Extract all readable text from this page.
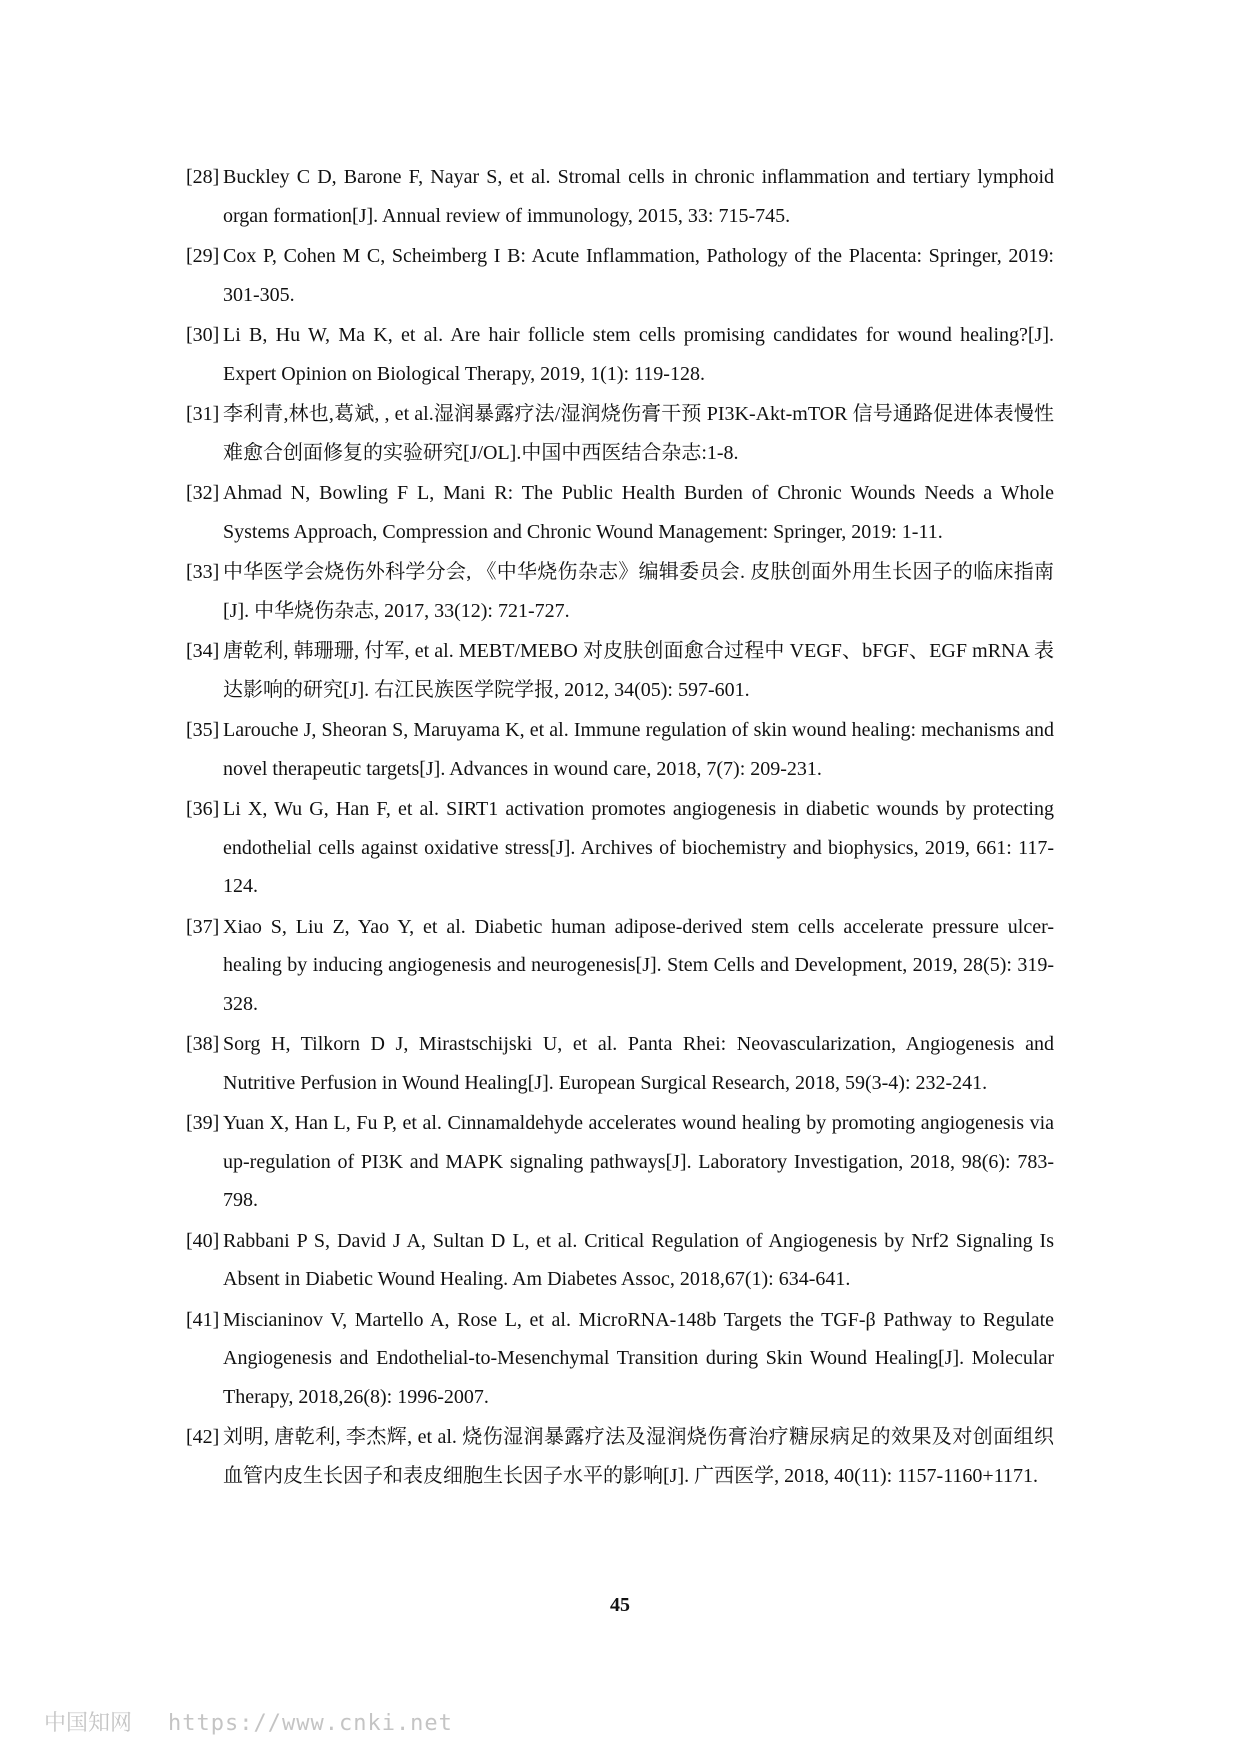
[28] Buckley C D, Barone F, Nayar S, et al. Stromal cells in chronic inflammation and tertiary lymphoid organ formation[J]. Annual review of immunology, 2015, 33: 715-745.
[29] Cox P, Cohen M C, Scheimberg I B: Acute Inflammation, Pathology of the Placenta: Springer, 2019: 301-305.
[30] Li B, Hu W, Ma K, et al. Are hair follicle stem cells promising candidates for wound healing?[J]. Expert Opinion on Biological Therapy, 2019, 1(1): 119-128.
[31] 李利青,林也,葛斌, , et al.湿润暴露疗法/湿润烧伤膏干预 PI3K-Akt-mTOR 信号通路促进体表慢性难愈合创面修复的实验研究[J/OL].中国中西医结合杂志:1-8.
[32] Ahmad N, Bowling F L, Mani R: The Public Health Burden of Chronic Wounds Needs a Whole Systems Approach, Compression and Chronic Wound Management: Springer, 2019: 1-11.
[33] 中华医学会烧伤外科学分会, 《中华烧伤杂志》编辑委员会. 皮肤创面外用生长因子的临床指南[J]. 中华烧伤杂志, 2017, 33(12): 721-727.
[34] 唐乾利, 韩珊珊, 付军, et al. MEBT/MEBO 对皮肤创面愈合过程中 VEGF、bFGF、EGF mRNA 表达影响的研究[J]. 右江民族医学院学报, 2012, 34(05): 597-601.
[35] Larouche J, Sheoran S, Maruyama K, et al. Immune regulation of skin wound healing: mechanisms and novel therapeutic targets[J]. Advances in wound care, 2018, 7(7): 209-231.
[36] Li X, Wu G, Han F, et al. SIRT1 activation promotes angiogenesis in diabetic wounds by protecting endothelial cells against oxidative stress[J]. Archives of biochemistry and biophysics, 2019, 661: 117-124.
[37] Xiao S, Liu Z, Yao Y, et al. Diabetic human adipose-derived stem cells accelerate pressure ulcer-healing by inducing angiogenesis and neurogenesis[J]. Stem Cells and Development, 2019, 28(5): 319-328.
[38] Sorg H, Tilkorn D J, Mirastschijski U, et al. Panta Rhei: Neovascularization, Angiogenesis and Nutritive Perfusion in Wound Healing[J]. European Surgical Research, 2018, 59(3-4): 232-241.
[39] Yuan X, Han L, Fu P, et al. Cinnamaldehyde accelerates wound healing by promoting angiogenesis via up-regulation of PI3K and MAPK signaling pathways[J]. Laboratory Investigation, 2018, 98(6): 783-798.
[40] Rabbani P S, David J A, Sultan D L, et al. Critical Regulation of Angiogenesis by Nrf2 Signaling Is Absent in Diabetic Wound Healing. Am Diabetes Assoc, 2018,67(1): 634-641.
[41] Miscianinov V, Martello A, Rose L, et al. MicroRNA-148b Targets the TGF-β Pathway to Regulate Angiogenesis and Endothelial-to-Mesenchymal Transition during Skin Wound Healing[J]. Molecular Therapy, 2018,26(8): 1996-2007.
[42] 刘明, 唐乾利, 李杰辉, et al. 烧伤湿润暴露疗法及湿润烧伤膏治疗糖尿病足的效果及对创面组织血管内皮生长因子和表皮细胞生长因子水平的影响[J]. 广西医学, 2018, 40(11): 1157-1160+1171.
45
中国知网 https://www.cnki.net
